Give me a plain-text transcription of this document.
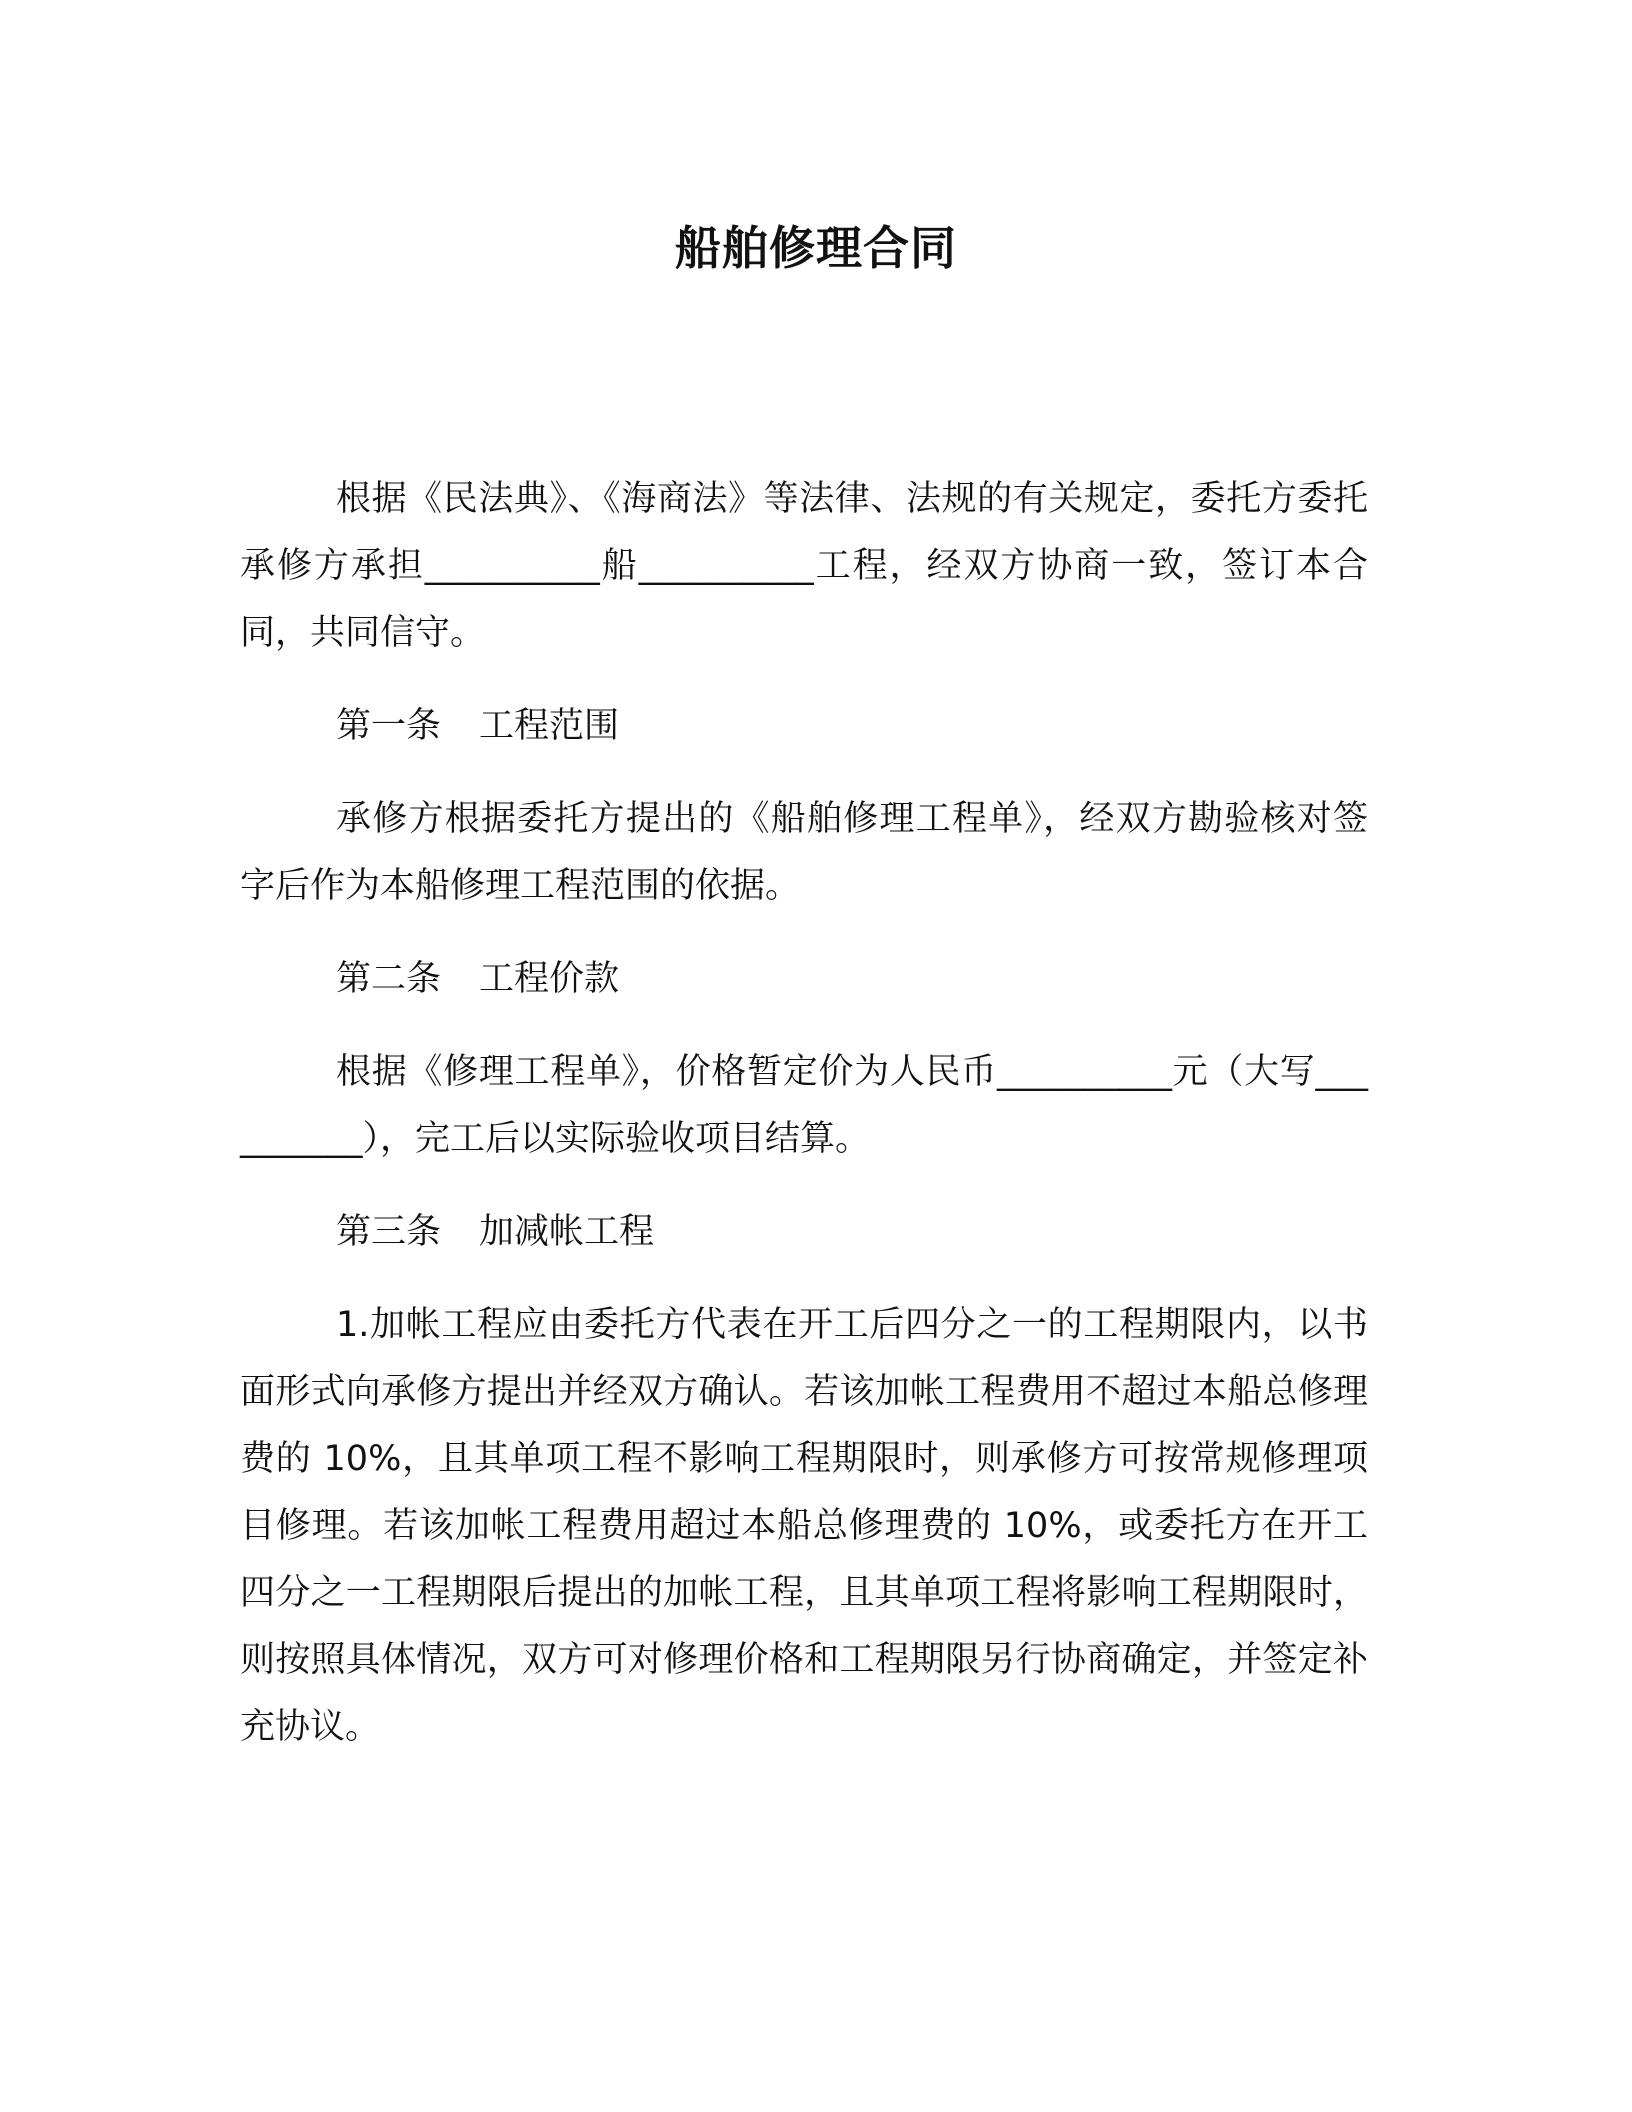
船舶修理合同

根据《民法典》、《海商法》等法律、法规的有关规定，委托方委托承修方承担__________船__________工程，经双方协商一致，签订本合同，共同信守。

第一条 工程范围

承修方根据委托方提出的《船舶修理工程单》，经双方勘验核对签字后作为本船修理工程范围的依据。

第二条 工程价款

根据《修理工程单》，价格暂定价为人民币__________元（大写__________），完工后以实际验收项目结算。

第三条 加减帐工程

1.加帐工程应由委托方代表在开工后四分之一的工程期限内，以书面形式向承修方提出并经双方确认。若该加帐工程费用不超过本船总修理费的 10%，且其单项工程不影响工程期限时，则承修方可按常规修理项目修理。若该加帐工程费用超过本船总修理费的 10%，或委托方在开工四分之一工程期限后提出的加帐工程，且其单项工程将影响工程期限时，则按照具体情况，双方可对修理价格和工程期限另行协商确定，并签定补充协议。
